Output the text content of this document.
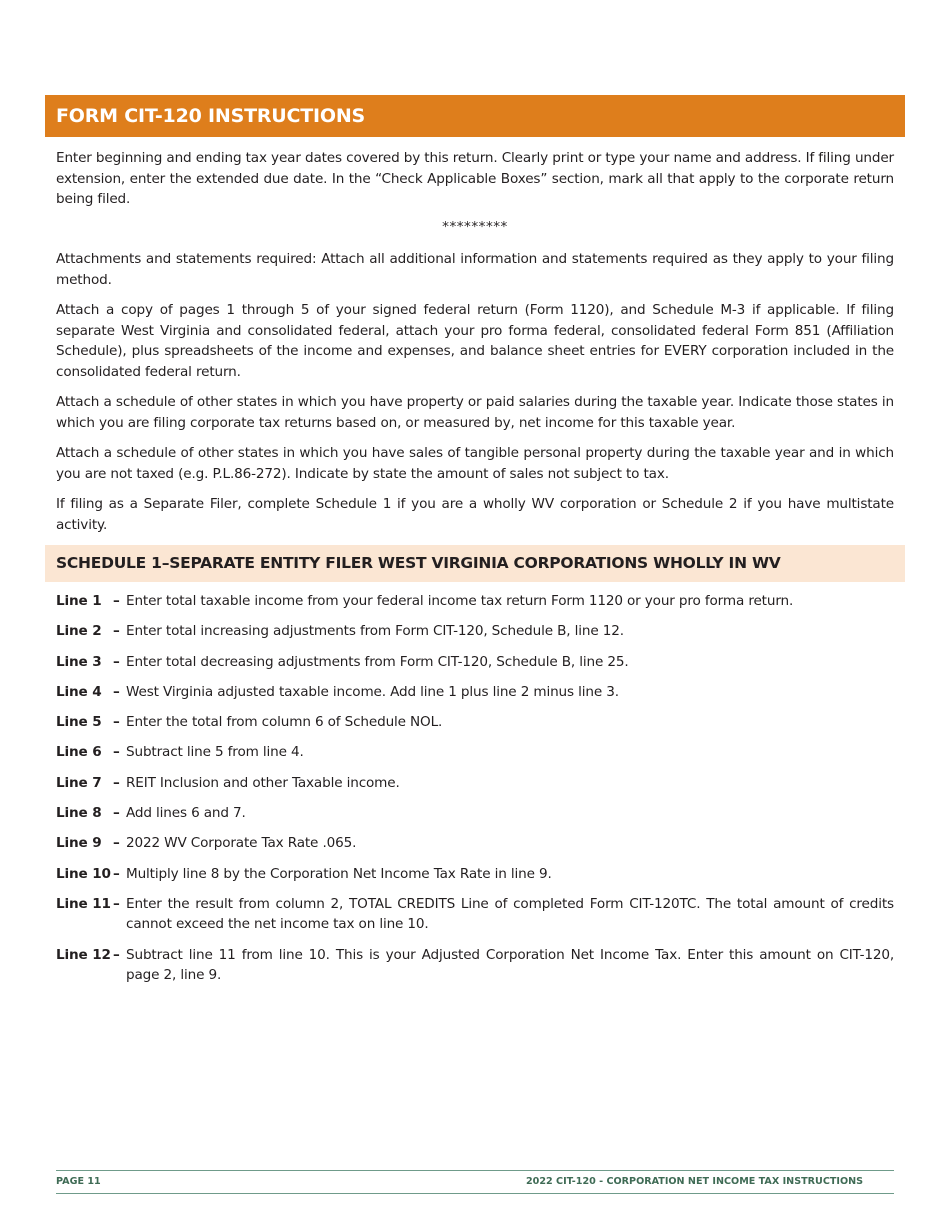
FORM CIT-120 INSTRUCTIONS

Enter beginning and ending tax year dates covered by this return. Clearly print or type your name and address. If filing under extension, enter the extended due date. In the “Check Applicable Boxes” section, mark all that apply to the corporate return being filed.

*********

Attachments and statements required: Attach all additional information and statements required as they apply to your filing method.

Attach a copy of pages 1 through 5 of your signed federal return (Form 1120), and Schedule M-3 if applicable. If filing separate West Virginia and consolidated federal, attach your pro forma federal, consolidated federal Form 851 (Affiliation Schedule), plus spreadsheets of the income and expenses, and balance sheet entries for EVERY corporation included in the consolidated federal return.

Attach a schedule of other states in which you have property or paid salaries during the taxable year. Indicate those states in which you are filing corporate tax returns based on, or measured by, net income for this taxable year.

Attach a schedule of other states in which you have sales of tangible personal property during the taxable year and in which you are not taxed (e.g. P.L.86-272). Indicate by state the amount of sales not subject to tax.

If filing as a Separate Filer, complete Schedule 1 if you are a wholly WV corporation or Schedule 2 if you have multistate activity.

SCHEDULE 1–SEPARATE ENTITY FILER WEST VIRGINIA CORPORATIONS WHOLLY IN WV
Line 1 – Enter total taxable income from your federal income tax return Form 1120 or your pro forma return.
Line 2 – Enter total increasing adjustments from Form CIT-120, Schedule B, line 12.
Line 3 – Enter total decreasing adjustments from Form CIT-120, Schedule B, line 25.
Line 4 – West Virginia adjusted taxable income. Add line 1 plus line 2 minus line 3.
Line 5 – Enter the total from column 6 of Schedule NOL.
Line 6 – Subtract line 5 from line 4.
Line 7 – REIT Inclusion and other Taxable income.
Line 8 – Add lines 6 and 7.
Line 9 – 2022 WV Corporate Tax Rate .065.
Line 10 – Multiply line 8 by the Corporation Net Income Tax Rate in line 9.
Line 11 – Enter the result from column 2, TOTAL CREDITS Line of completed Form CIT-120TC. The total amount of credits cannot exceed the net income tax on line 10.
Line 12 – Subtract line 11 from line 10. This is your Adjusted Corporation Net Income Tax. Enter this amount on CIT-120, page 2, line 9.
PAGE 11	2022 CIT-120 - CORPORATION NET INCOME TAX INSTRUCTIONS
